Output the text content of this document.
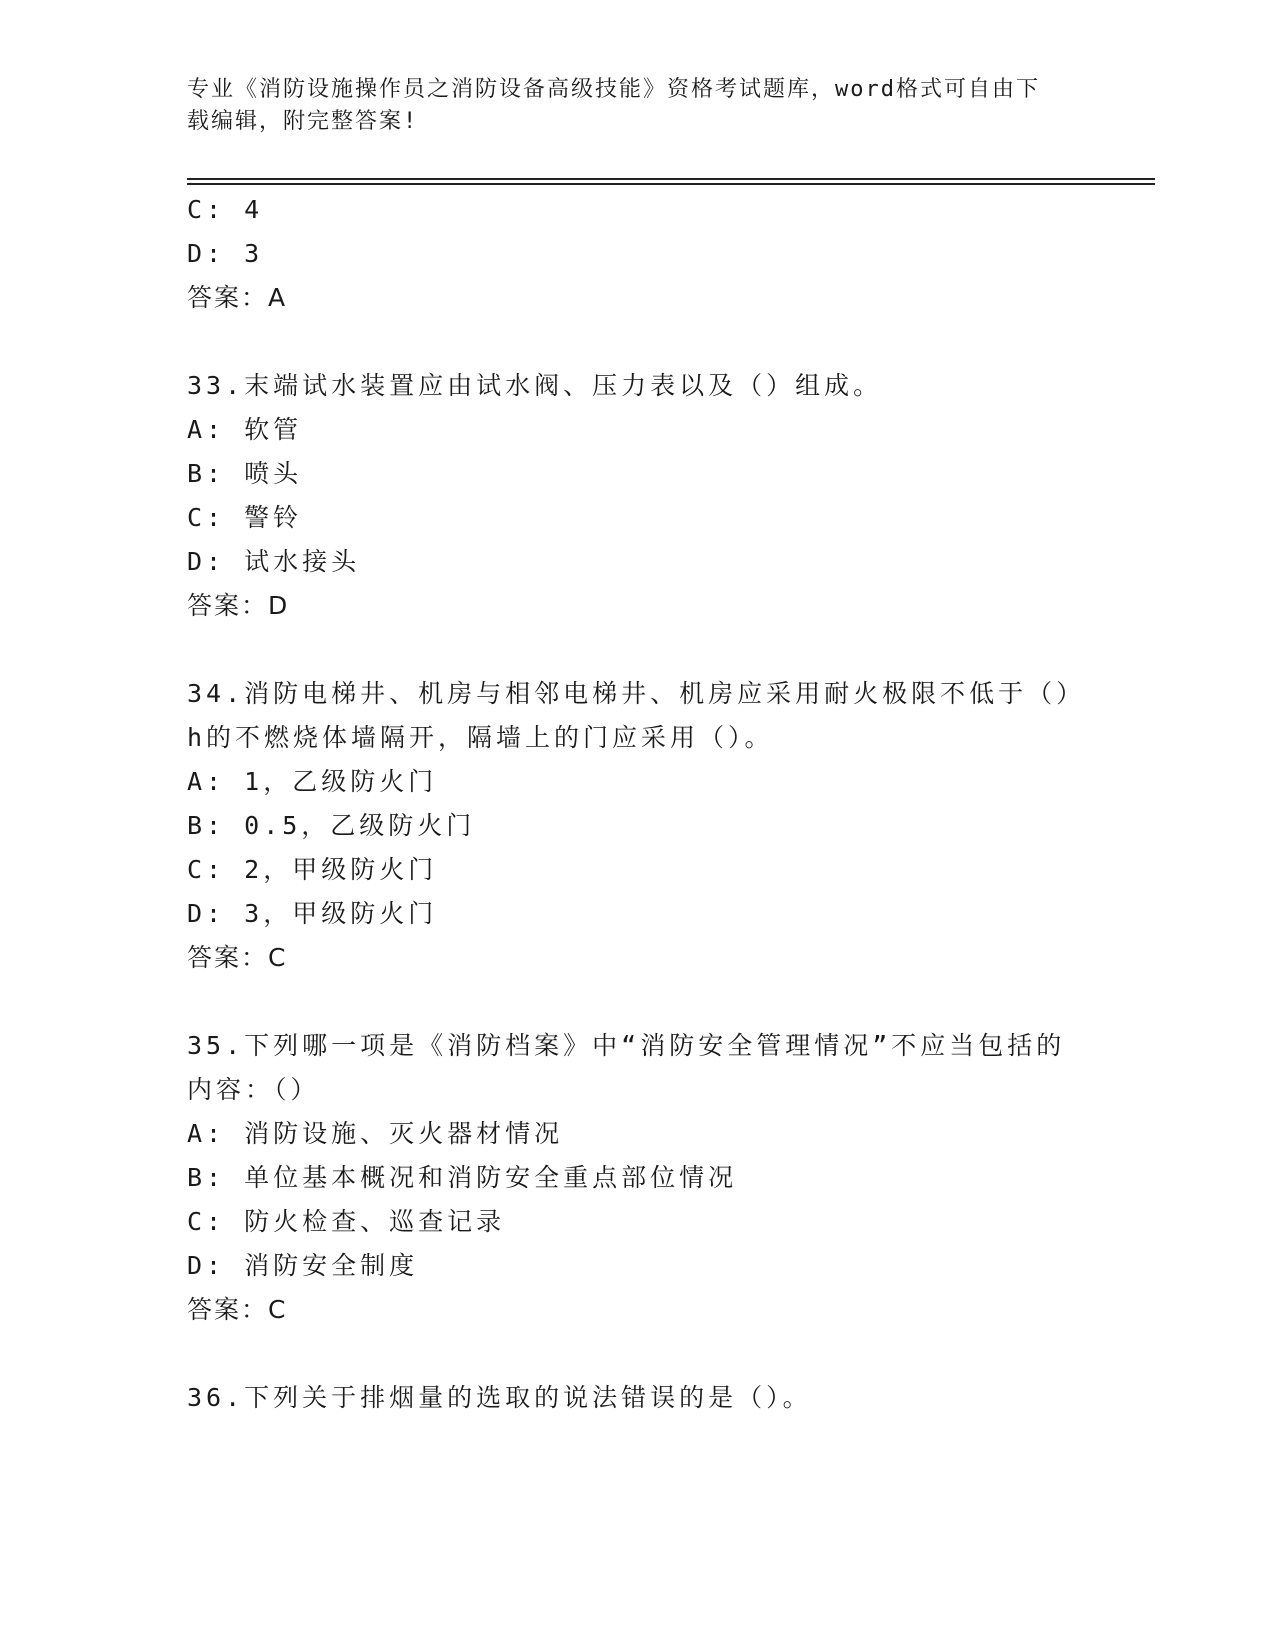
专业《消防设施操作员之消防设备高级技能》资格考试题库，word格式可自由下
载编辑，附完整答案!
C: 4
D: 3
答案：A
33.末端试水装置应由试水阀、压力表以及（）组成。
A: 软管
B: 喷头
C: 警铃
D: 试水接头
答案：D
34.消防电梯井、机房与相邻电梯井、机房应采用耐火极限不低于（）
h的不燃烧体墙隔开，隔墙上的门应采用（）。
A: 1，乙级防火门
B: 0.5，乙级防火门
C: 2，甲级防火门
D: 3，甲级防火门
答案：C
35.下列哪一项是《消防档案》中“消防安全管理情况”不应当包括的
内容：（）
A: 消防设施、灭火器材情况
B: 单位基本概况和消防安全重点部位情况
C: 防火检查、巡查记录
D: 消防安全制度
答案：C
36.下列关于排烟量的选取的说法错误的是（）。
